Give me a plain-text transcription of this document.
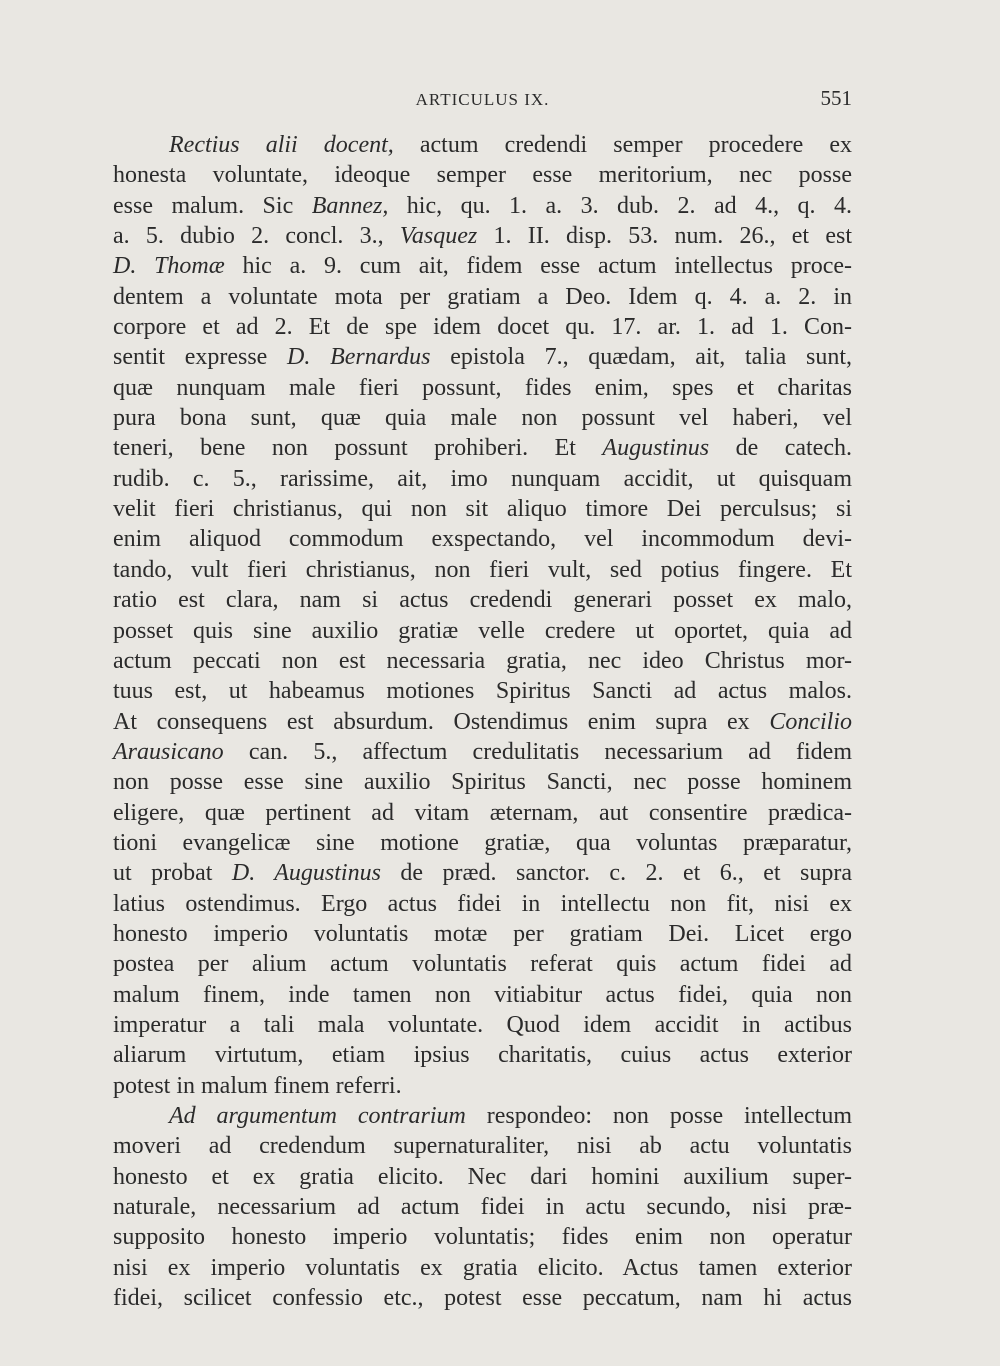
ARTICULUS IX.	551
Rectius alii docent, actum credendi semper procedere ex
honesta voluntate, ideoque semper esse meritorium, nec posse
esse malum. Sic Bannez, hic, qu. 1. a. 3. dub. 2. ad 4., q. 4.
a. 5. dubio 2. concl. 3., Vasquez 1. II. disp. 53. num. 26., et est
D. Thomæ hic a. 9. cum ait, fidem esse actum intellectus proce-
dentem a voluntate mota per gratiam a Deo. Idem q. 4. a. 2. in
corpore et ad 2. Et de spe idem docet qu. 17. ar. 1. ad 1. Con-
sentit expresse D. Bernardus epistola 7., quædam, ait, talia sunt,
quæ nunquam male fieri possunt, fides enim, spes et charitas
pura bona sunt, quæ quia male non possunt vel haberi, vel
teneri, bene non possunt prohiberi. Et Augustinus de catech.
rudib. c. 5., rarissime, ait, imo nunquam accidit, ut quisquam
velit fieri christianus, qui non sit aliquo timore Dei perculsus; si
enim aliquod commodum exspectando, vel incommodum devi-
tando, vult fieri christianus, non fieri vult, sed potius fingere. Et
ratio est clara, nam si actus credendi generari posset ex malo,
posset quis sine auxilio gratiæ velle credere ut oportet, quia ad
actum peccati non est necessaria gratia, nec ideo Christus mor-
tuus est, ut habeamus motiones Spiritus Sancti ad actus malos.
At consequens est absurdum. Ostendimus enim supra ex Concilio
Arausicano can. 5., affectum credulitatis necessarium ad fidem
non posse esse sine auxilio Spiritus Sancti, nec posse hominem
eligere, quæ pertinent ad vitam æternam, aut consentire prædica-
tioni evangelicæ sine motione gratiæ, qua voluntas præparatur,
ut probat D. Augustinus de præd. sanctor. c. 2. et 6., et supra
latius ostendimus. Ergo actus fidei in intellectu non fit, nisi ex
honesto imperio voluntatis motæ per gratiam Dei. Licet ergo
postea per alium actum voluntatis referat quis actum fidei ad
malum finem, inde tamen non vitiabitur actus fidei, quia non
imperatur a tali mala voluntate. Quod idem accidit in actibus
aliarum virtutum, etiam ipsius charitatis, cuius actus exterior
potest in malum finem referri.
Ad argumentum contrarium respondeo: non posse intellectum
moveri ad credendum supernaturaliter, nisi ab actu voluntatis
honesto et ex gratia elicito. Nec dari homini auxilium super-
naturale, necessarium ad actum fidei in actu secundo, nisi præ-
supposito honesto imperio voluntatis; fides enim non operatur
nisi ex imperio voluntatis ex gratia elicito. Actus tamen exterior
fidei, scilicet confessio etc., potest esse peccatum, nam hi actus
